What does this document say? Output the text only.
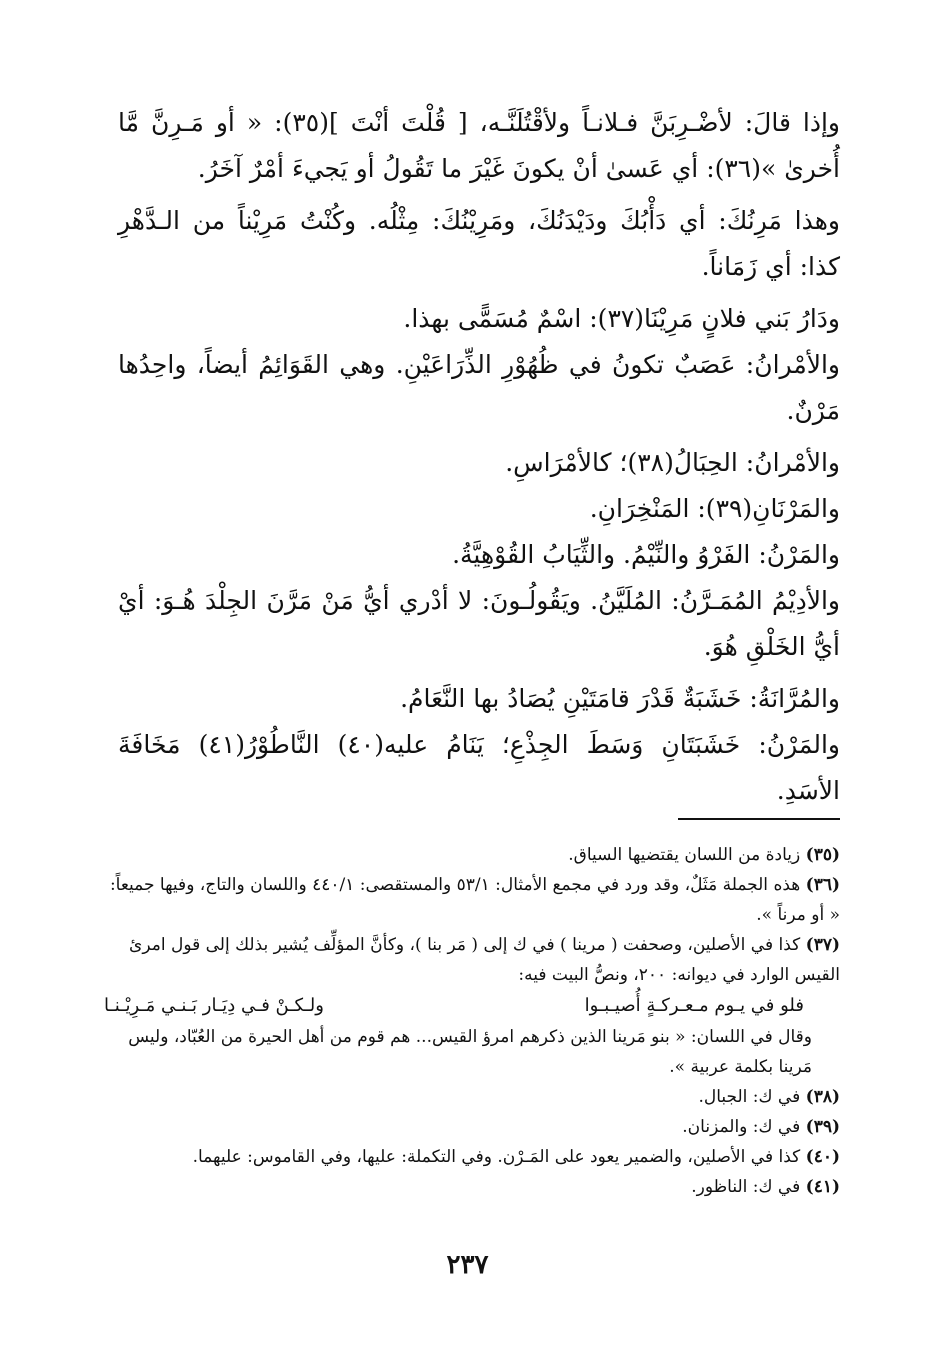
وإذا قالَ: لأضْـرِبَنَّ فـلانـاً ولأقْتُلَنَّـه، [ قُلْتَ أنْتَ ](٣٥): « أو مَـرِنَّ مَّا أُخرىٰ »(٣٦): أي عَسىٰ أنْ يكونَ غَيْرَ ما تَقُولُ أو يَجيءَ أمْرٌ آخَرُ.

وهذا مَرِنُكَ: أي دَأْبُكَ ودَيْدَنُكَ، ومَرِيْنُكَ: مِثْلُه. وكُنْتُ مَرِيْناً من الـدَّهْرِ كذا: أي زَمَاناً.

ودَارُ بَني فلانٍ مَرِيْنَا(٣٧): اسْمٌ مُسَمًّى بهذا.

والأمْرانُ: عَصَبٌ تكونُ في ظُهُوْرِ الذِّرَاعَيْنِ. وهي القَوَائِمُ أيضاً، واحِدُها مَرْنٌ.

والأمْرانُ: الحِبَالُ(٣٨)؛ كالأمْرَاسِ.

والمَرْنَانِ(٣٩): المَنْخِرَانِ.

والمَرْنُ: الفَرْوُ والنِّيْمُ. والثِّيَابُ القُوْهِيَّةُ.

والأدِيْمُ المُمَـرَّنُ: المُلَيَّنُ. ويَقُولُـونَ: لا أدْري أيُّ مَنْ مَرَّنَ الجِلْدَ هُـوَ: أيْ أيُّ الخَلْقِ هُوَ.

والمُرَّانَةُ: خَشَبَةٌ قَدْرَ قامَتَيْنِ يُصَادُ بها النَّعَامُ.

والمَرْنُ: خَشَبَتَانِ وَسَطَ الجِذْعِ؛ يَنَامُ عليه(٤٠) النَّاطُوْرُ(٤١) مَخَافَةَ الأسَدِ.

(٣٥) زيادة من اللسان يقتضيها السياق.

(٣٦) هذه الجملة مَثَلٌ، وقد ورد في مجمع الأمثال: ٥٣/١ والمستقصى: ٤٤٠/١ واللسان والتاج، وفيها جميعاً: « أو مرناً ».

(٣٧) كذا في الأصلين، وصحفت ( مرينا ) في ك إلى ( مَر بنا )، وكأنَّ المؤلِّف يُشير بذلك إلى قول امرئ القيس الوارد في ديوانه: ٢٠٠، ونصُّ البيت فيه:

فلو في يـوم مـعـركـةٍ أُصيـبـوا
ولـكـنْ فـي دِيَـار بَـنـي مَـرِيْـنـا

وقال في اللسان: « بنو مَرينا الذين ذكرهم امرؤ القيس... هم قوم من أهل الحيرة من العُبّاد، وليس مَرينا بكلمة عربية ».

(٣٨) في ك: الجبال.

(٣٩) في ك: والمزنان.

(٤٠) كذا في الأصلين، والضمير يعود على المَـرْن. وفي التكملة: عليها، وفي القاموس: عليهما.

(٤١) في ك: الناظور.

٢٣٧
